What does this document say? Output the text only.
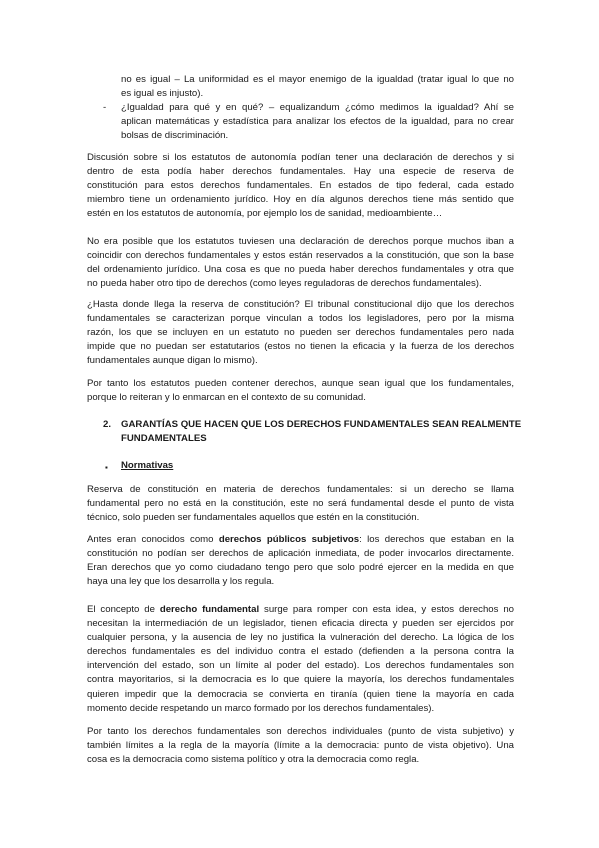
no es igual – La uniformidad es el mayor enemigo de la igualdad (tratar igual lo que no
es igual es injusto).
- ¿Igualdad para qué y en qué? – equalizandum ¿cómo medimos la igualdad? Ahí se
aplican matemáticas y estadística para analizar los efectos de la igualdad, para no crear
bolsas de discriminación.
Discusión sobre si los estatutos de autonomía podían tener una declaración de derechos y si
dentro de esta podía haber derechos fundamentales. Hay una especie de reserva de
constitución para estos derechos fundamentales. En estados de tipo federal, cada estado
miembro tiene un ordenamiento jurídico. Hoy en día algunos derechos tiene más sentido que
estén en los estatutos de autonomía, por ejemplo los de sanidad, medioambiente…
No era posible que los estatutos tuviesen una declaración de derechos porque muchos iban a
coincidir con derechos fundamentales y estos están reservados a la constitución, que son la base
del ordenamiento jurídico. Una cosa es que no pueda haber derechos fundamentales y otra que
no pueda haber otro tipo de derechos (como leyes reguladoras de derechos fundamentales).
¿Hasta donde llega la reserva de constitución? El tribunal constitucional dijo que los derechos
fundamentales se caracterizan porque vinculan a todos los legisladores, pero por la misma
razón, los que se incluyen en un estatuto no pueden ser derechos fundamentales pero nada
impide que no puedan ser estatutarios (estos no tienen la eficacia y la fuerza de los derechos
fundamentales aunque digan lo mismo).
Por tanto los estatutos pueden contener derechos, aunque sean igual que los fundamentales,
porque lo reiteran y lo enmarcan en el contexto de su comunidad.
2. GARANTÍAS QUE HACEN QUE LOS DERECHOS FUNDAMENTALES SEAN REALMENTE
FUNDAMENTALES
▪ Normativas
Reserva de constitución en materia de derechos fundamentales: si un derecho se llama
fundamental pero no está en la constitución, este no será fundamental desde el punto de vista
técnico, solo pueden ser fundamentales aquellos que estén en la constitución.
Antes eran conocidos como derechos públicos subjetivos: los derechos que estaban en la
constitución no podían ser derechos de aplicación inmediata, de poder invocarlos directamente.
Eran derechos que yo como ciudadano tengo pero que solo podré ejercer en la medida en que
haya una ley que los desarrolla y los regula.
El concepto de derecho fundamental surge para romper con esta idea, y estos derechos no
necesitan la intermediación de un legislador, tienen eficacia directa y pueden ser ejercidos por
cualquier persona, y la ausencia de ley no justifica la vulneración del derecho. La lógica de los
derechos fundamentales es del individuo contra el estado (defienden a la persona contra la
intervención del estado, son un límite al poder del estado). Los derechos fundamentales son
contra mayoritarios, si la democracia es lo que quiere la mayoría, los derechos fundamentales
quieren impedir que la democracia se convierta en tiranía (quien tiene la mayoría en cada
momento decide respetando un marco formado por los derechos fundamentales).
Por tanto los derechos fundamentales son derechos individuales (punto de vista subjetivo) y
también límites a la regla de la mayoría (límite a la democracia: punto de vista objetivo). Una
cosa es la democracia como sistema político y otra la democracia como regla.
